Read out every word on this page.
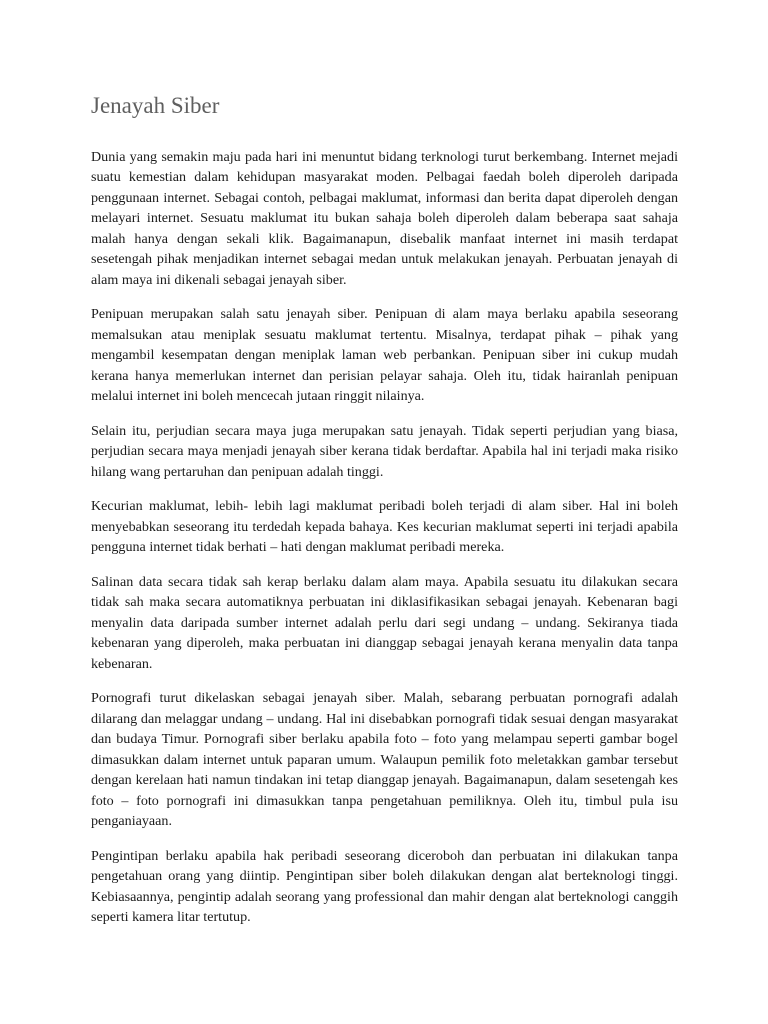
Jenayah Siber

Dunia yang semakin maju pada hari ini menuntut bidang terknologi turut berkembang. Internet mejadi suatu kemestian dalam kehidupan masyarakat moden. Pelbagai faedah boleh diperoleh daripada penggunaan internet. Sebagai contoh, pelbagai maklumat, informasi dan berita dapat diperoleh dengan melayari internet. Sesuatu maklumat itu bukan sahaja boleh diperoleh dalam beberapa saat sahaja malah hanya dengan sekali klik. Bagaimanapun, disebalik manfaat internet ini masih terdapat sesetengah pihak menjadikan internet sebagai medan untuk melakukan jenayah. Perbuatan jenayah di alam maya ini dikenali sebagai jenayah siber.

Penipuan merupakan salah satu jenayah siber. Penipuan di alam maya berlaku apabila seseorang memalsukan atau meniplak sesuatu maklumat tertentu. Misalnya, terdapat pihak – pihak yang mengambil kesempatan dengan meniplak laman web perbankan. Penipuan siber ini cukup mudah kerana hanya memerlukan internet dan perisian pelayar sahaja. Oleh itu, tidak hairanlah penipuan melalui internet ini boleh mencecah jutaan ringgit nilainya.

Selain itu, perjudian secara maya juga merupakan satu jenayah. Tidak seperti perjudian yang biasa, perjudian secara maya menjadi jenayah siber kerana tidak berdaftar. Apabila hal ini terjadi maka risiko hilang wang pertaruhan dan penipuan adalah tinggi.

Kecurian maklumat, lebih- lebih lagi maklumat peribadi boleh terjadi di alam siber. Hal ini boleh menyebabkan seseorang itu terdedah kepada bahaya. Kes kecurian maklumat seperti ini terjadi apabila pengguna internet tidak berhati – hati dengan maklumat peribadi mereka.

Salinan data secara tidak sah kerap berlaku dalam alam maya. Apabila sesuatu itu dilakukan secara tidak sah maka secara automatiknya perbuatan ini diklasifikasikan sebagai jenayah. Kebenaran bagi menyalin data daripada sumber internet adalah perlu dari segi undang – undang. Sekiranya tiada kebenaran yang diperoleh, maka perbuatan ini dianggap sebagai jenayah kerana menyalin data tanpa kebenaran.

Pornografi turut dikelaskan sebagai jenayah siber. Malah, sebarang perbuatan pornografi adalah dilarang dan melaggar undang – undang. Hal ini disebabkan pornografi tidak sesuai dengan masyarakat dan budaya Timur. Pornografi siber berlaku apabila foto – foto yang melampau seperti gambar bogel dimasukkan dalam internet untuk paparan umum. Walaupun pemilik foto meletakkan gambar tersebut dengan kerelaan hati namun tindakan ini tetap dianggap jenayah. Bagaimanapun, dalam sesetengah kes foto – foto pornografi ini dimasukkan tanpa pengetahuan pemiliknya. Oleh itu, timbul pula isu penganiayaan.

Pengintipan berlaku apabila hak peribadi seseorang diceroboh dan perbuatan ini dilakukan tanpa pengetahuan orang yang diintip. Pengintipan siber boleh dilakukan dengan alat berteknologi tinggi. Kebiasaannya, pengintip adalah seorang yang professional dan mahir dengan alat berteknologi canggih seperti kamera litar tertutup.
